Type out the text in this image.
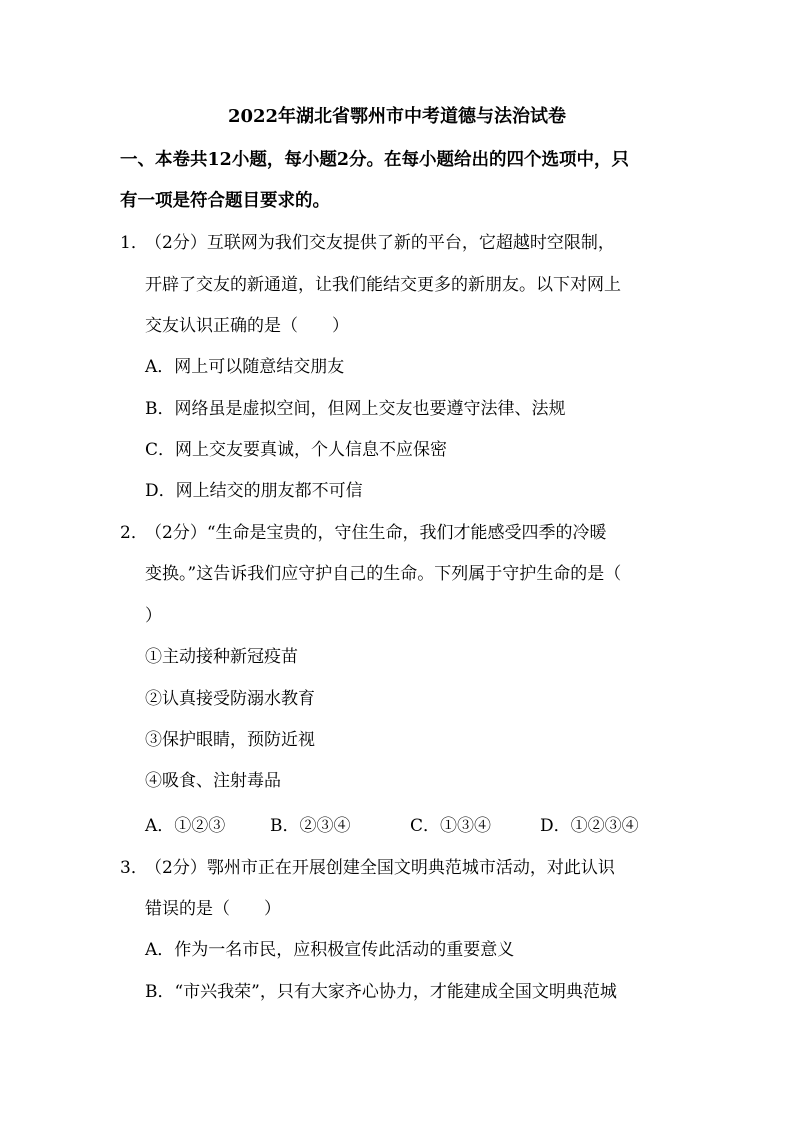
2022年湖北省鄂州市中考道德与法治试卷
一、本卷共12小题，每小题2分。在每小题给出的四个选项中，只
有一项是符合题目要求的。
1．
（2分）互联网为我们交友提供了新的平台，它超越时空限制，
开辟了交友的新通道，让我们能结交更多的新朋友。以下对网上
交友认识正确的是（　　）
A．网上可以随意结交朋友
B．网络虽是虚拟空间，但网上交友也要遵守法律、法规
C．网上交友要真诚，个人信息不应保密
D．网上结交的朋友都不可信
2．
（2分）“生命是宝贵的，守住生命，我们才能感受四季的冷暖
变换。”这告诉我们应守护自己的生命。下列属于守护生命的是（
）
①主动接种新冠疫苗
②认真接受防溺水教育
③保护眼睛，预防近视
④吸食、注射毒品
A．①②③	B．②③④	C．①③④	D．①②③④
3．
（2分）鄂州市正在开展创建全国文明典范城市活动，对此认识
错误的是（　　）
A．作为一名市民，应积极宣传此活动的重要意义
B．“市兴我荣”，只有大家齐心协力，才能建成全国文明典范城
